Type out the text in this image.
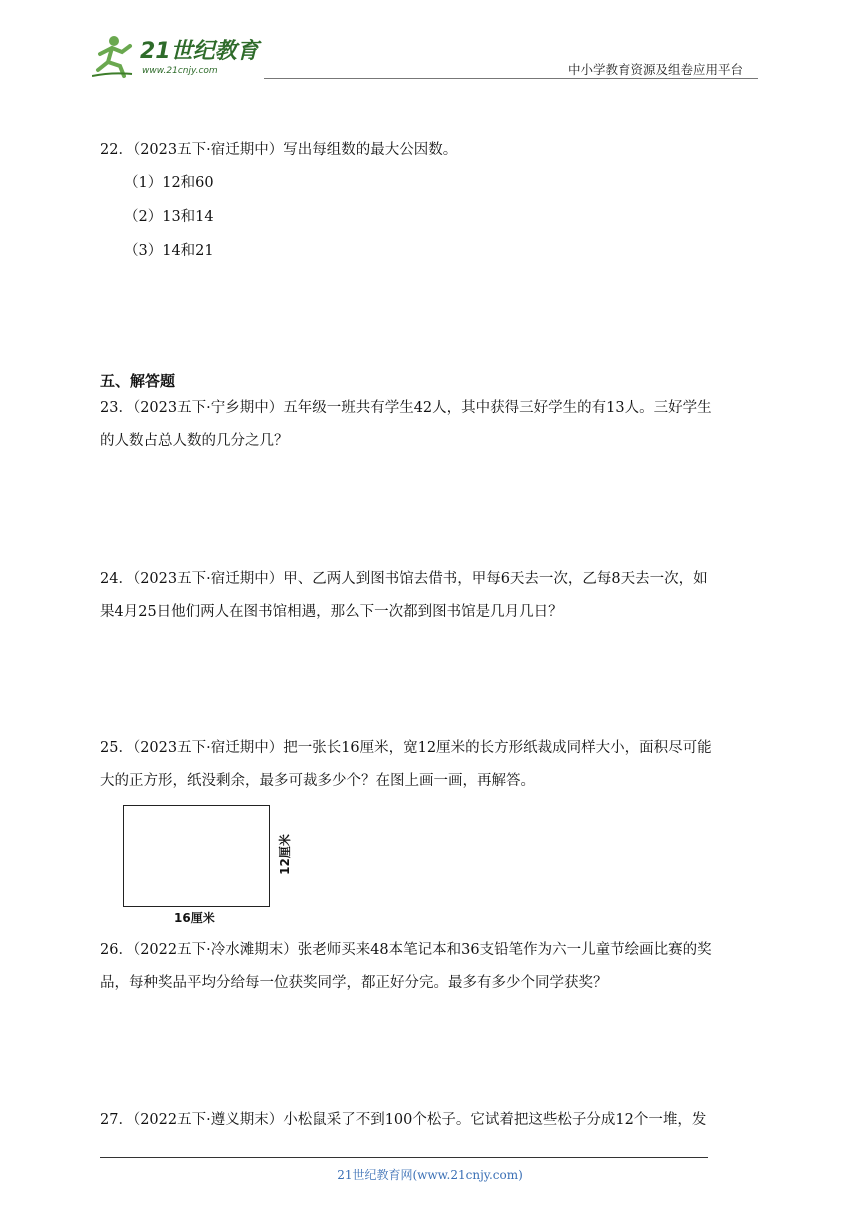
21世纪教育
www.21cnjy.com	中小学教育资源及组卷应用平台
22．（2023五下·宿迁期中）写出每组数的最大公因数。
（1）12和60
（2）13和14
（3）14和21
五、解答题
23．（2023五下·宁乡期中）五年级一班共有学生42人，其中获得三好学生的有13人。三好学生
的人数占总人数的几分之几？
24．（2023五下·宿迁期中）甲、乙两人到图书馆去借书，甲每6天去一次，乙每8天去一次，如
果4月25日他们两人在图书馆相遇，那么下一次都到图书馆是几月几日？
25．（2023五下·宿迁期中）把一张长16厘米，宽12厘米的长方形纸裁成同样大小，面积尽可能
大的正方形，纸没剩余，最多可裁多少个？在图上画一画，再解答。
12厘米
16厘米
26．（2022五下·冷水滩期末）张老师买来48本笔记本和36支铅笔作为六一儿童节绘画比赛的奖
品，每种奖品平均分给每一位获奖同学，都正好分完。最多有多少个同学获奖？
27．（2022五下·遵义期末）小松鼠采了不到100个松子。它试着把这些松子分成12个一堆，发
21世纪教育网(www.21cnjy.com)
